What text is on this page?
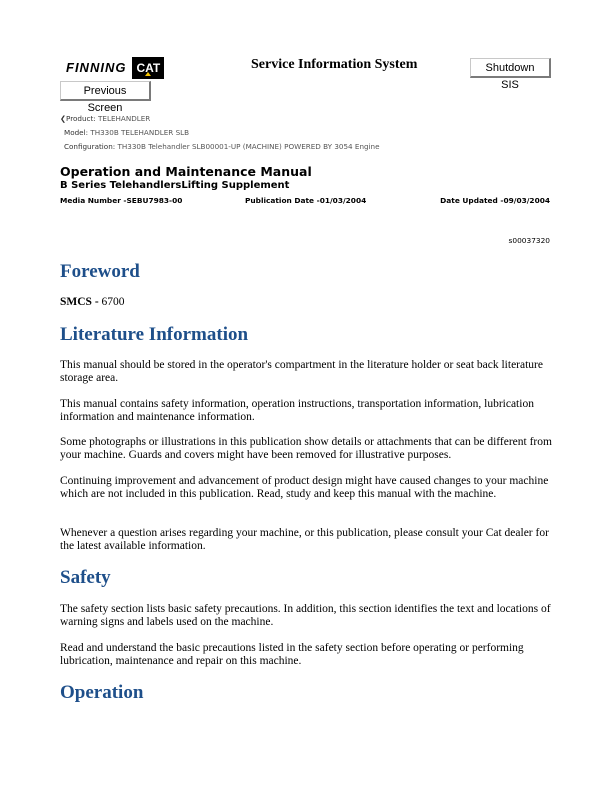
FINNING CAT	Service Information System	Shutdown SIS
Previous Screen
❮Product: TELEHANDLER
Model: TH330B TELEHANDLER SLB
Configuration: TH330B Telehandler SLB00001-UP (MACHINE) POWERED BY 3054 Engine
Operation and Maintenance Manual
B Series TelehandlersLifting Supplement
Media Number -SEBU7983-00	Publication Date -01/03/2004	Date Updated -09/03/2004
s00037320
Foreword
SMCS - 6700
Literature Information

This manual should be stored in the operator's compartment in the literature holder or seat back literature storage area.

This manual contains safety information, operation instructions, transportation information, lubrication information and maintenance information.

Some photographs or illustrations in this publication show details or attachments that can be different from your machine. Guards and covers might have been removed for illustrative purposes.

Continuing improvement and advancement of product design might have caused changes to your machine which are not included in this publication. Read, study and keep this manual with the machine.

Whenever a question arises regarding your machine, or this publication, please consult your Cat dealer for the latest available information.

Safety

The safety section lists basic safety precautions. In addition, this section identifies the text and locations of warning signs and labels used on the machine.

Read and understand the basic precautions listed in the safety section before operating or performing lubrication, maintenance and repair on this machine.

Operation
